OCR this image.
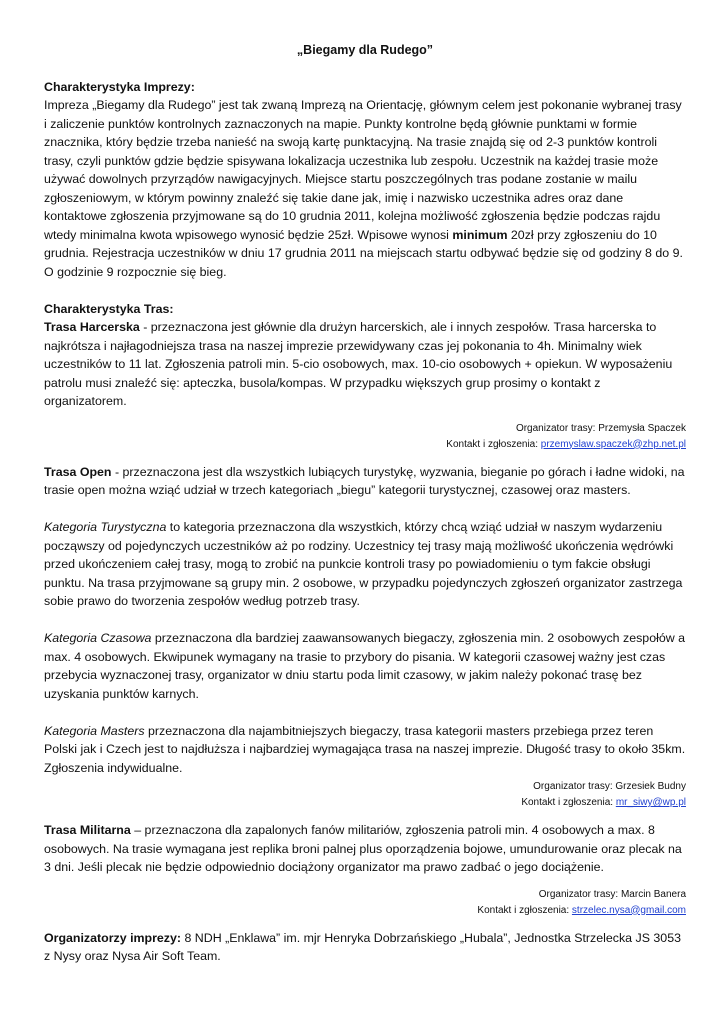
„Biegamy dla Rudego”

Charakterystyka Imprezy:

Impreza „Biegamy dla Rudego” jest tak zwaną Imprezą na Orientację, głównym celem jest pokonanie wybranej trasy i zaliczenie punktów kontrolnych zaznaczonych na mapie. Punkty kontrolne będą głównie punktami w formie znacznika, który będzie trzeba nanieść na swoją kartę punktacyjną. Na trasie znajdą się od 2-3 punktów kontroli trasy, czyli punktów gdzie będzie spisywana lokalizacja uczestnika lub zespołu. Uczestnik na każdej trasie może używać dowolnych przyrządów nawigacyjnych. Miejsce startu poszczególnych tras podane zostanie w mailu zgłoszeniowym, w którym powinny znaleźć się takie dane jak, imię i nazwisko uczestnika adres oraz dane kontaktowe zgłoszenia przyjmowane są do 10 grudnia 2011, kolejna możliwość zgłoszenia będzie podczas rajdu wtedy minimalna kwota wpisowego wynosić będzie 25zł. Wpisowe wynosi minimum 20zł przy zgłoszeniu do 10 grudnia. Rejestracja uczestników w dniu 17 grudnia 2011 na miejscach startu odbywać będzie się od godziny 8 do 9. O godzinie 9 rozpocznie się bieg.

Charakterystyka Tras:

Trasa Harcerska - przeznaczona jest głównie dla drużyn harcerskich, ale i innych zespołów. Trasa harcerska to najkrótsza i najłagodniejsza trasa na naszej imprezie przewidywany czas jej pokonania to 4h. Minimalny wiek uczestników to 11 lat. Zgłoszenia patroli min. 5-cio osobowych, max. 10-cio osobowych + opiekun. W wyposażeniu patrolu musi znaleźć się: apteczka, busola/kompas. W przypadku większych grup prosimy o kontakt z organizatorem.

Organizator trasy: Przemysła Spaczek

Kontakt i zgłoszenia: przemyslaw.spaczek@zhp.net.pl

Trasa Open - przeznaczona jest dla wszystkich lubiących turystykę, wyzwania, bieganie po górach i ładne widoki, na trasie open można wziąć udział w trzech kategoriach „biegu” kategorii turystycznej, czasowej oraz masters.

Kategoria Turystyczna to kategoria przeznaczona dla wszystkich, którzy chcą wziąć udział w naszym wydarzeniu począwszy od pojedynczych uczestników aż po rodziny. Uczestnicy tej trasy mają możliwość ukończenia wędrówki przed ukończeniem całej trasy, mogą to zrobić na punkcie kontroli trasy po powiadomieniu o tym fakcie obsługi punktu. Na trasa przyjmowane są grupy min. 2 osobowe, w przypadku pojedynczych zgłoszeń organizator zastrzega sobie prawo do tworzenia zespołów według potrzeb trasy.

Kategoria Czasowa przeznaczona dla bardziej zaawansowanych biegaczy, zgłoszenia min. 2 osobowych zespołów a max. 4 osobowych. Ekwipunek wymagany na trasie to przybory do pisania. W kategorii czasowej ważny jest czas przebycia wyznaczonej trasy, organizator w dniu startu poda limit czasowy, w jakim należy pokonać trasę bez uzyskania punktów karnych.

Kategoria Masters przeznaczona dla najambitniejszych biegaczy, trasa kategorii masters przebiega przez teren Polski jak i Czech jest to najdłuższa i najbardziej wymagająca trasa na naszej imprezie. Długość trasy to około 35km. Zgłoszenia indywidualne.

Organizator trasy: Grzesiek Budny

Kontakt i zgłoszenia: mr_siwy@wp.pl

Trasa Militarna – przeznaczona dla zapalonych fanów militariów, zgłoszenia patroli min. 4 osobowych a max. 8 osobowych. Na trasie wymagana jest replika broni palnej plus oporządzenia bojowe, umundurowanie oraz plecak na 3 dni. Jeśli plecak nie będzie odpowiednio dociążony organizator ma prawo zadbać o jego dociążenie.

Organizator trasy: Marcin Banera

Kontakt i zgłoszenia: strzelec.nysa@gmail.com

Organizatorzy imprezy: 8 NDH „Enklawa” im. mjr Henryka Dobrzańskiego „Hubala”, Jednostka Strzelecka JS 3053 z Nysy oraz Nysa Air Soft Team.
